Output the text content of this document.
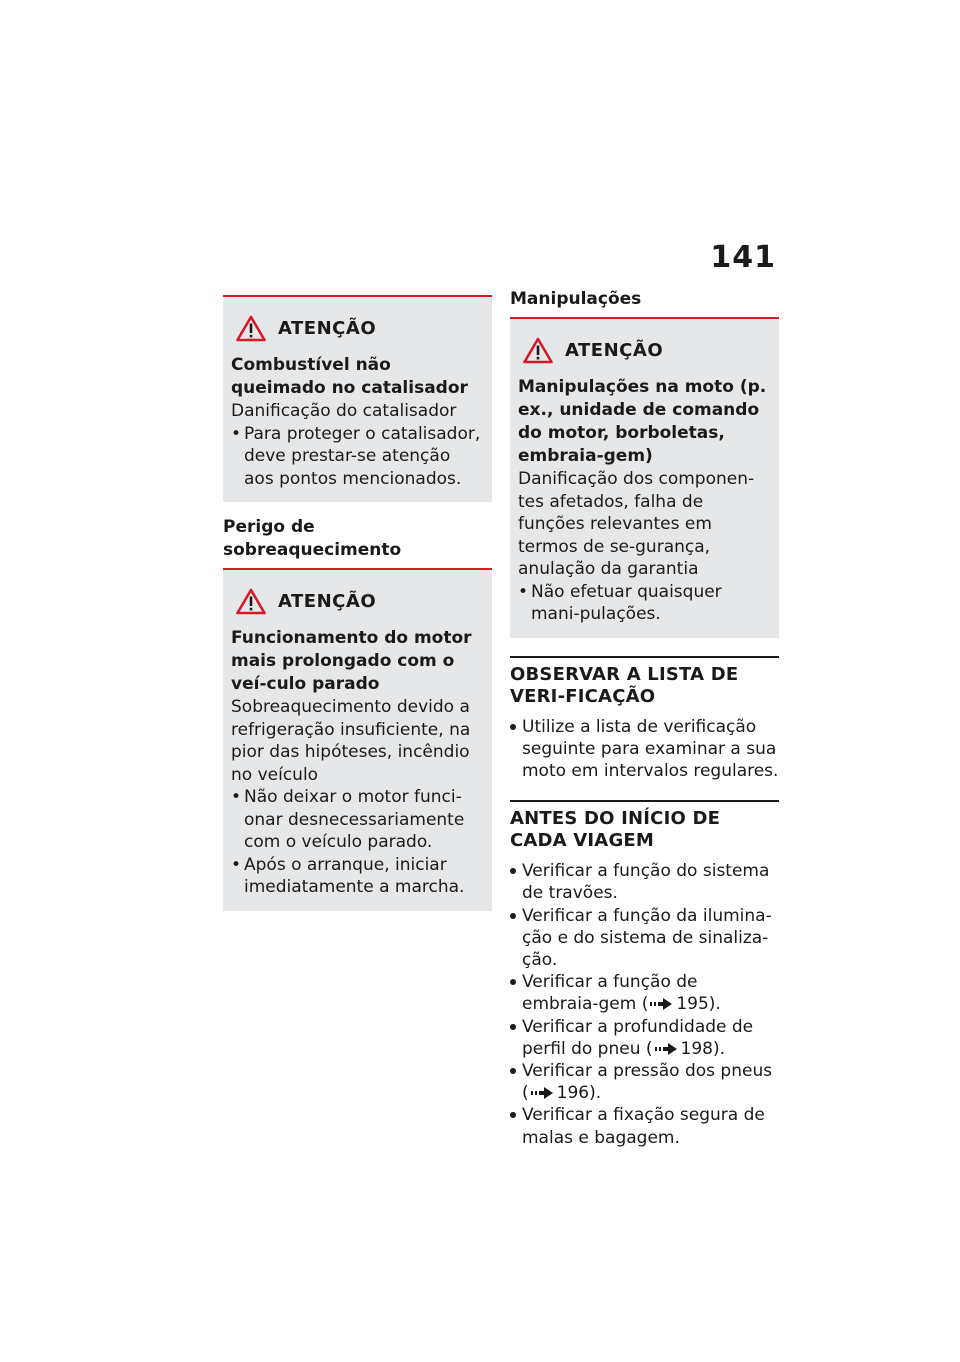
141
ATENÇÃO
Combustível não queimado no catalisador
Danificação do catalisador
• Para proteger o catalisador, deve prestar-se atenção aos pontos mencionados.
Perigo de sobreaquecimento
ATENÇÃO
Funcionamento do motor mais prolongado com o veí-culo parado
Sobreaquecimento devido a refrigeração insuficiente, na pior das hipóteses, incêndio no veículo
• Não deixar o motor funci-onar desnecessariamente com o veículo parado.
• Após o arranque, iniciar imediatamente a marcha.
Manipulações
ATENÇÃO
Manipulações na moto (p. ex., unidade de comando do motor, borboletas, embraia-gem)
Danificação dos componen-tes afetados, falha de funções relevantes em termos de se-gurança, anulação da garantia
• Não efetuar quaisquer mani-pulações.
OBSERVAR A LISTA DE VERI-FICAÇÃO
Utilize a lista de verificação seguinte para examinar a sua moto em intervalos regulares.
ANTES DO INÍCIO DE CADA VIAGEM
Verificar a função do sistema de travões.
Verificar a função da ilumina-ção e do sistema de sinaliza-ção.
Verificar a função de embraia-gem ( 195).
Verificar a profundidade de perfil do pneu ( 198).
Verificar a pressão dos pneus ( 196).
Verificar a fixação segura de malas e bagagem.
